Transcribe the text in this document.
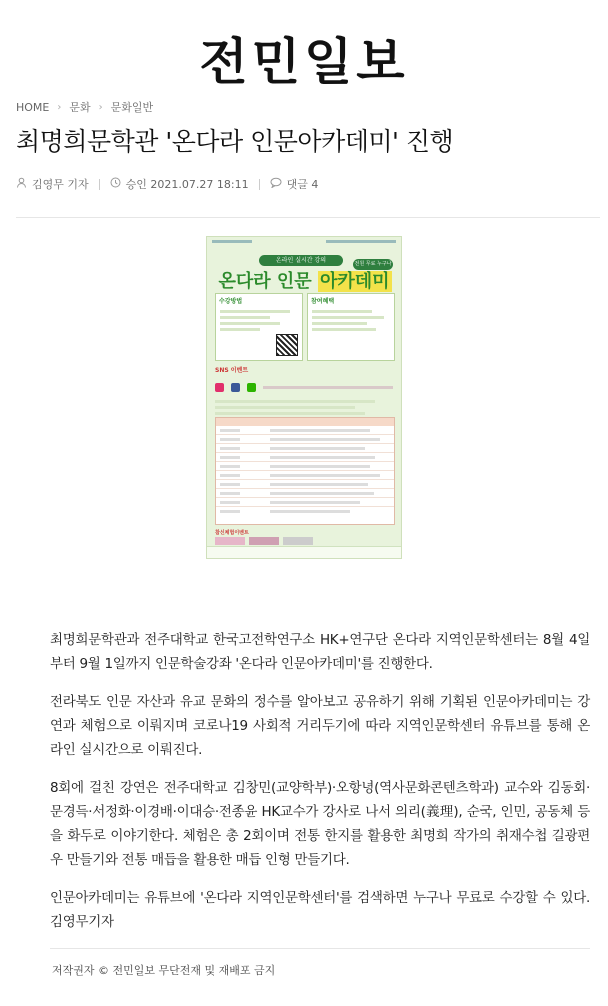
전민일보
HOME › 문화 › 문화일반
최명희문학관 '온다라 인문아카데미' 진행
김영무 기자	승인 2021.07.27 18:11	댓글 4
온라인 실시간 강의	전원 무료 누구나
온다라 인문 아카데미
수강방법	참여혜택
SNS 이벤트

참신체험이벤트
최명희문학관과 전주대학교 한국고전학연구소 HK+연구단 온다라 지역인문학센터는 8월 4일부터 9월 1일까지 인문학술강좌 '온다라 인문아카데미'를 진행한다.
전라북도 인문 자산과 유교 문화의 정수를 알아보고 공유하기 위해 기획된 인문아카데미는 강연과 체험으로 이뤄지며 코로나19 사회적 거리두기에 따라 지역인문학센터 유튜브를 통해 온라인 실시간으로 이뤄진다.
8회에 걸친 강연은 전주대학교 김창민(교양학부)·오항녕(역사문화콘텐츠학과) 교수와 김동회·문경득·서정화·이경배·이대승·전종윤 HK교수가 강사로 나서 의리(義理), 순국, 인민, 공동체 등을 화두로 이야기한다. 체험은 총 2회이며 전통 한지를 활용한 최명희 작가의 취재수첩 길광편우 만들기와 전통 매듭을 활용한 매듭 인형 만들기다.
인문아카데미는 유튜브에 '온다라 지역인문학센터'를 검색하면 누구나 무료로 수강할 수 있다. 김영무기자
저작권자 © 전민일보 무단전재 및 재배포 금지
